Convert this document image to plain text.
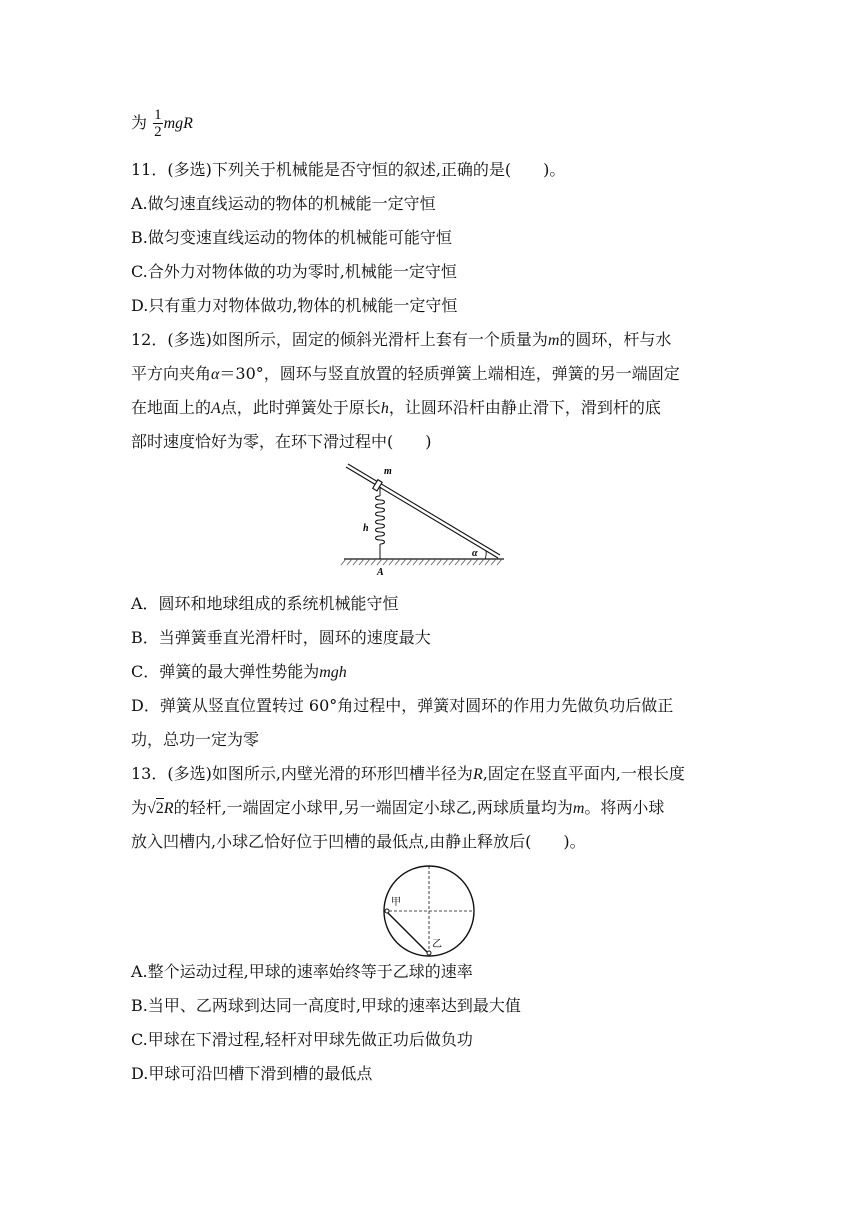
为 $\frac{1}{2}$ mgR
11．(多选)下列关于机械能是否守恒的叙述,正确的是(　　)。
A.做匀速直线运动的物体的机械能一定守恒
B.做匀变速直线运动的物体的机械能可能守恒
C.合外力对物体做的功为零时,机械能一定守恒
D.只有重力对物体做功,物体的机械能一定守恒
12．(多选)如图所示，固定的倾斜光滑杆上套有一个质量为m的圆环，杆与水
平方向夹角α＝30°，圆环与竖直放置的轻质弹簧上端相连，弹簧的另一端固定
在地面上的A点，此时弹簧处于原长h，让圆环沿杆由静止滑下，滑到杆的底
部时速度恰好为零，在环下滑过程中(　　)
m
h
α
A
A．圆环和地球组成的系统机械能守恒
B．当弹簧垂直光滑杆时，圆环的速度最大
C．弹簧的最大弹性势能为mgh
D．弹簧从竖直位置转过 60°角过程中，弹簧对圆环的作用力先做负功后做正
功，总功一定为零
13．(多选)如图所示,内壁光滑的环形凹槽半径为R,固定在竖直平面内,一根长度
为√2R的轻杆,一端固定小球甲,另一端固定小球乙,两球质量均为m。将两小球
放入凹槽内,小球乙恰好位于凹槽的最低点,由静止释放后(　　)。
甲
乙
A.整个运动过程,甲球的速率始终等于乙球的速率
B.当甲、乙两球到达同一高度时,甲球的速率达到最大值
C.甲球在下滑过程,轻杆对甲球先做正功后做负功
D.甲球可沿凹槽下滑到槽的最低点
